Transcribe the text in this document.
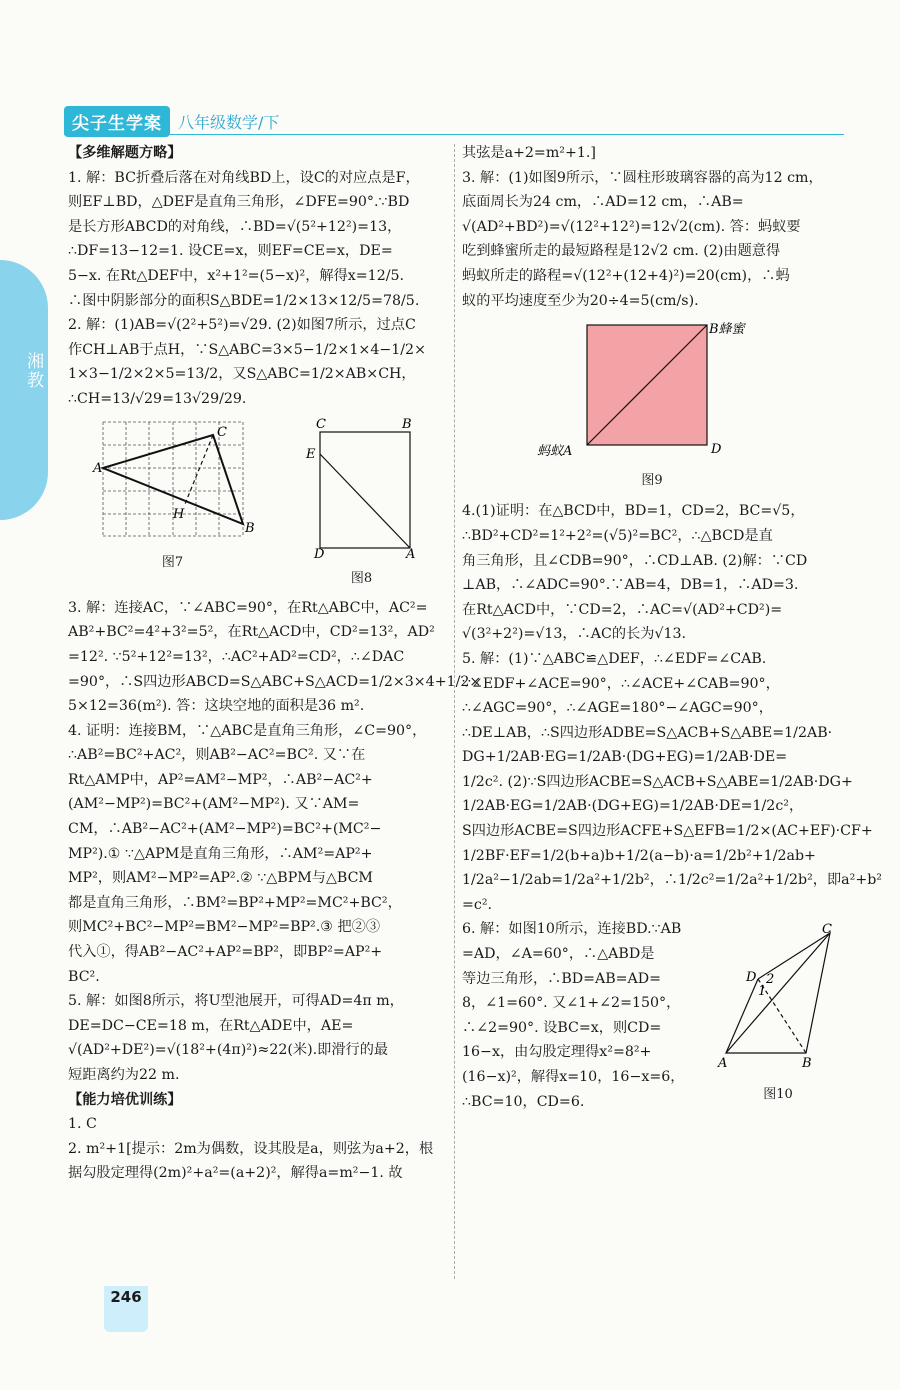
湘教
尖子生学案	八年级数学/下
【多维解题方略】
1. 解：BC折叠后落在对角线BD上，设C的对应点是F，
则EF⊥BD，△DEF是直角三角形，∠DFE=90°.∵BD
是长方形ABCD的对角线，∴BD=√(5²+12²)=13，
∴DF=13−12=1. 设CE=x，则EF=CE=x，DE=
5−x. 在Rt△DEF中，x²+1²=(5−x)²，解得x=12/5.
∴图中阴影部分的面积S△BDE=1/2×13×12/5=78/5.
2. 解：(1)AB=√(2²+5²)=√29. (2)如图7所示，过点C
作CH⊥AB于点H，∵S△ABC=3×5−1/2×1×4−1/2×
1×3−1/2×2×5=13/2，又S△ABC=1/2×AB×CH，
∴CH=13/√29=13√29/29.
A
C
B
H
图7
C	B
E
D	A
图8
3. 解：连接AC，∵∠ABC=90°，在Rt△ABC中，AC²=
AB²+BC²=4²+3²=5²，在Rt△ACD中，CD²=13²，AD²
=12². ∵5²+12²=13²，∴AC²+AD²=CD²，∴∠DAC
=90°，∴S四边形ABCD=S△ABC+S△ACD=1/2×3×4+1/2×
5×12=36(m²). 答：这块空地的面积是36 m².
4. 证明：连接BM，∵△ABC是直角三角形，∠C=90°，
∴AB²=BC²+AC²，则AB²−AC²=BC². 又∵在
Rt△AMP中，AP²=AM²−MP²，∴AB²−AC²+
(AM²−MP²)=BC²+(AM²−MP²). 又∵AM=
CM，∴AB²−AC²+(AM²−MP²)=BC²+(MC²−
MP²).① ∵△APM是直角三角形，∴AM²=AP²+
MP²，则AM²−MP²=AP².② ∵△BPM与△BCM
都是直角三角形，∴BM²=BP²+MP²=MC²+BC²，
则MC²+BC²−MP²=BM²−MP²=BP².③ 把②③
代入①，得AB²−AC²+AP²=BP²，即BP²=AP²+
BC².
5. 解：如图8所示，将U型池展开，可得AD=4π m，
DE=DC−CE=18 m，在Rt△ADE中，AE=
√(AD²+DE²)=√(18²+(4π)²)≈22(米).即滑行的最
短距离约为22 m.
【能力培优训练】
1. C
2. m²+1[提示：2m为偶数，设其股是a，则弦为a+2，根
据勾股定理得(2m)²+a²=(a+2)²，解得a=m²−1. 故
其弦是a+2=m²+1.]
3. 解：(1)如图9所示，∵圆柱形玻璃容器的高为12 cm，
底面周长为24 cm，∴AD=12 cm，∴AB=
√(AD²+BD²)=√(12²+12²)=12√2(cm). 答：蚂蚁要
吃到蜂蜜所走的最短路程是12√2 cm. (2)由题意得
蚂蚁所走的路程=√(12²+(12+4)²)=20(cm)，∴蚂
蚁的平均速度至少为20÷4=5(cm/s).
B蜂蜜
蚂蚁A	D
图9
4.(1)证明：在△BCD中，BD=1，CD=2，BC=√5，
∴BD²+CD²=1²+2²=(√5)²=BC²，∴△BCD是直
角三角形，且∠CDB=90°，∴CD⊥AB. (2)解：∵CD
⊥AB，∴∠ADC=90°.∵AB=4，DB=1，∴AD=3.
在Rt△ACD中，∵CD=2，∴AC=√(AD²+CD²)=
√(3²+2²)=√13，∴AC的长为√13.
5. 解：(1)∵△ABC≌△DEF，∴∠EDF=∠CAB.
∵∠EDF+∠ACE=90°，∴∠ACE+∠CAB=90°，
∴∠AGC=90°，∴∠AGE=180°−∠AGC=90°，
∴DE⊥AB，∴S四边形ADBE=S△ACB+S△ABE=1/2AB·
DG+1/2AB·EG=1/2AB·(DG+EG)=1/2AB·DE=
1/2c². (2)∵S四边形ACBE=S△ACB+S△ABE=1/2AB·DG+
1/2AB·EG=1/2AB·(DG+EG)=1/2AB·DE=1/2c²，
S四边形ACBE=S四边形ACFE+S△EFB=1/2×(AC+EF)·CF+
1/2BF·EF=1/2(b+a)b+1/2(a−b)·a=1/2b²+1/2ab+
1/2a²−1/2ab=1/2a²+1/2b²，∴1/2c²=1/2a²+1/2b²，即a²+b²
=c².
6. 解：如图10所示，连接BD.∵AB
=AD，∠A=60°，∴△ABD是
等边三角形，∴BD=AB=AD=
8，∠1=60°. 又∠1+∠2=150°，
∴∠2=90°. 设BC=x，则CD=
16−x，由勾股定理得x²=8²+
(16−x)²，解得x=10，16−x=6，
∴BC=10，CD=6.
C
D
A	B
1
2
图10
246
